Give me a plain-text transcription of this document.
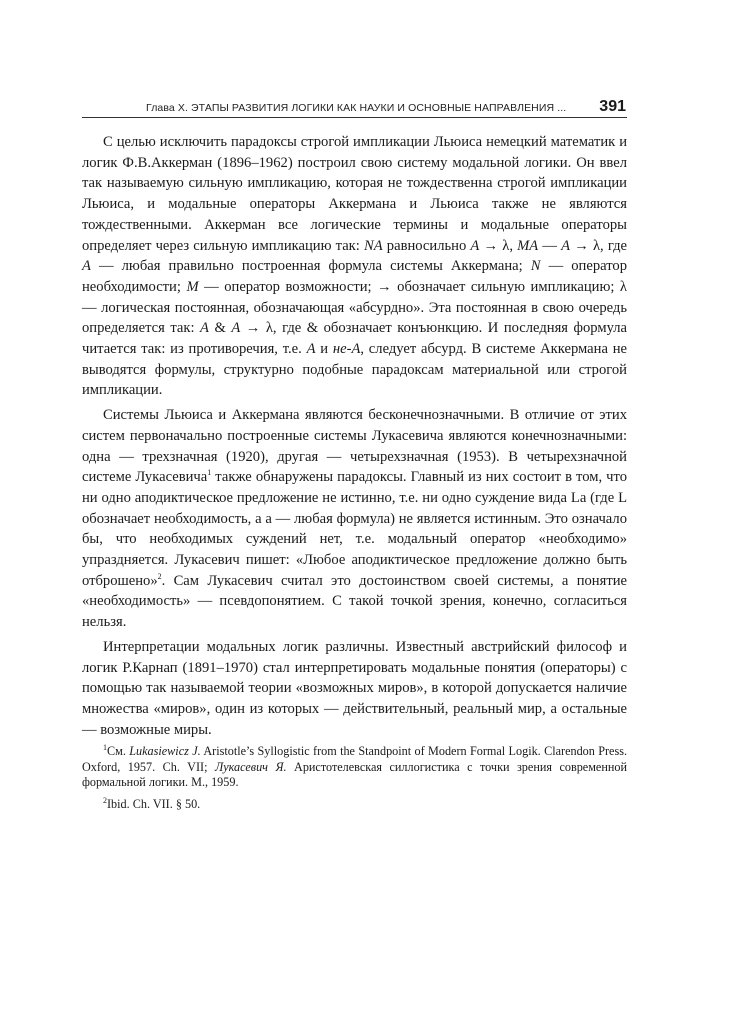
Глава X. ЭТАПЫ РАЗВИТИЯ ЛОГИКИ КАК НАУКИ И ОСНОВНЫЕ НАПРАВЛЕНИЯ ... 391

С целью исключить парадоксы строгой импликации Льюиса немецкий математик и логик Ф.В.Аккерман (1896–1962) построил свою систему модальной логики. Он ввел так называемую сильную импликацию, которая не тождественна строгой импликации Льюиса, и модальные операторы Аккермана и Льюиса также не являются тождественными. Аккерман все логические термины и модальные операторы определяет через сильную импликацию так: NA равносильно A → λ, MA — A → λ, где A — любая правильно построенная формула системы Аккермана; N — оператор необходимости; M — оператор возможности; → обозначает сильную импликацию; λ — логическая постоянная, обозначающая «абсурдно». Эта постоянная в свою очередь определяется так: A & A → λ, где & обозначает конъюнкцию. И последняя формула читается так: из противоречия, т.е. A и не-A, следует абсурд. В системе Аккермана не выводятся формулы, структурно подобные парадоксам материальной или строгой импликации.

Системы Льюиса и Аккермана являются бесконечнозначными. В отличие от этих систем первоначально построенные системы Лукасевича являются конечнозначными: одна — трехзначная (1920), другая — четырехзначная (1953). В четырехзначной системе Лукасевича$^1$ также обнаружены парадоксы. Главный из них состоит в том, что ни одно аподиктическое предложение не истинно, т.е. ни одно суждение вида La (где L обозначает необходимость, а a — любая формула) не является истинным. Это означало бы, что необходимых суждений нет, т.е. модальный оператор «необходимо» упраздняется. Лукасевич пишет: «Любое аподиктическое предложение должно быть отброшено»$^2$. Сам Лукасевич считал это достоинством своей системы, а понятие «необходимость» — псевдопонятием. С такой точкой зрения, конечно, согласиться нельзя.

Интерпретации модальных логик различны. Известный австрийский философ и логик Р.Карнап (1891–1970) стал интерпретировать модальные понятия (операторы) с помощью так называемой теории «возможных миров», в которой допускается наличие множества «миров», один из которых — действительный, реальный мир, а остальные — возможные миры.

$^1$См. Lukasiewicz J. Aristotle’s Syllogistic from the Standpoint of Modern Formal Logik. Clarendon Press. Oxford, 1957. Ch. VII; Лукасевич Я. Аристотелевская силлогистика с точки зрения современной формальной логики. М., 1959.

$^2$Ibid. Ch. VII. § 50.
